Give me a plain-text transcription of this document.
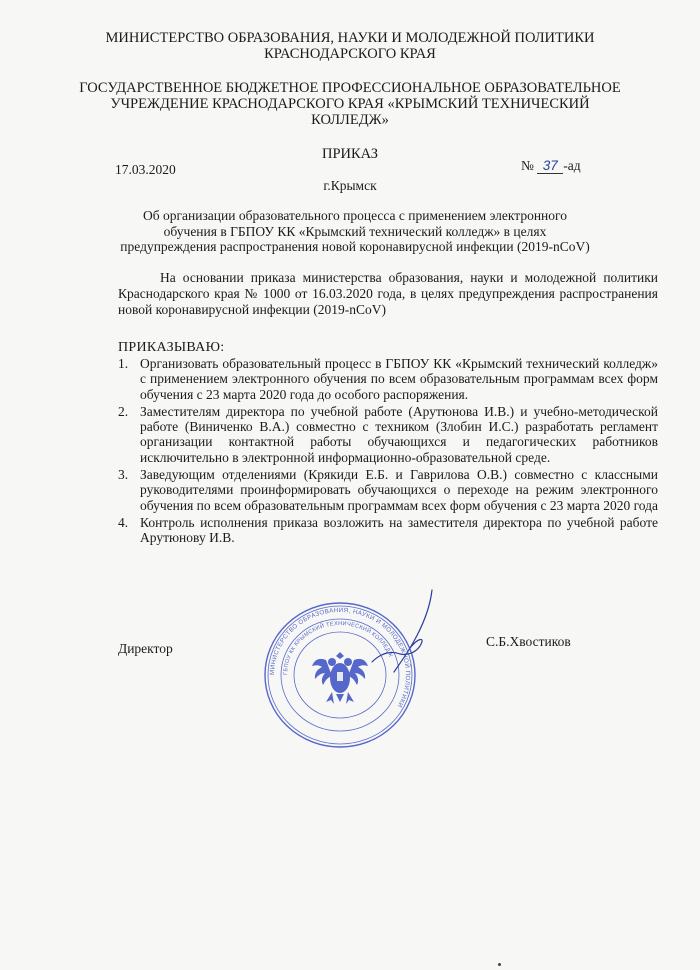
МИНИСТЕРСТВО ОБРАЗОВАНИЯ, НАУКИ И МОЛОДЕЖНОЙ ПОЛИТИКИ
КРАСНОДАРСКОГО КРАЯ
ГОСУДАРСТВЕННОЕ БЮДЖЕТНОЕ ПРОФЕССИОНАЛЬНОЕ ОБРАЗОВАТЕЛЬНОЕ
УЧРЕЖДЕНИЕ КРАСНОДАРСКОГО КРАЯ «КРЫМСКИЙ ТЕХНИЧЕСКИЙ
КОЛЛЕДЖ»
ПРИКАЗ
17.03.2020	№ 37 -ад
г.Крымск
Об организации образовательного процесса с применением электронного обучения в ГБПОУ КК «Крымский технический колледж» в целях предупреждения распространения новой коронавирусной инфекции (2019-nCoV)
На основании приказа министерства образования, науки и молодежной политики Краснодарского края № 1000 от 16.03.2020 года, в целях предупреждения распространения новой коронавирусной инфекции (2019-nCoV)
ПРИКАЗЫВАЮ:
1. Организовать образовательный процесс в ГБПОУ КК «Крымский технический колледж» с применением электронного обучения по всем образовательным программам всех форм обучения с 23 марта 2020 года до особого распоряжения.
2. Заместителям директора по учебной работе (Арутюнова И.В.) и учебно-методической работе (Виниченко В.А.) совместно с техником (Злобин И.С.) разработать регламент организации контактной работы обучающихся и педагогических работников исключительно в электронной информационно-образовательной среде.
3. Заведующим отделениями (Крякиди Е.Б. и Гаврилова О.В.) совместно с классными руководителями проинформировать обучающихся о переходе на режим электронного обучения по всем образовательным программам всех форм обучения с 23 марта 2020 года
4. Контроль исполнения приказа возложить на заместителя директора по учебной работе Арутюнову И.В.
Директор	С.Б.Хвостиков
МИНИСТЕРСТВО ОБРАЗОВАНИЯ, НАУКИ И МОЛОДЕЖНОЙ ПОЛИТИКИ
ГБПОУ КК КРЫМСКИЙ ТЕХНИЧЕСКИЙ КОЛЛЕДЖ
